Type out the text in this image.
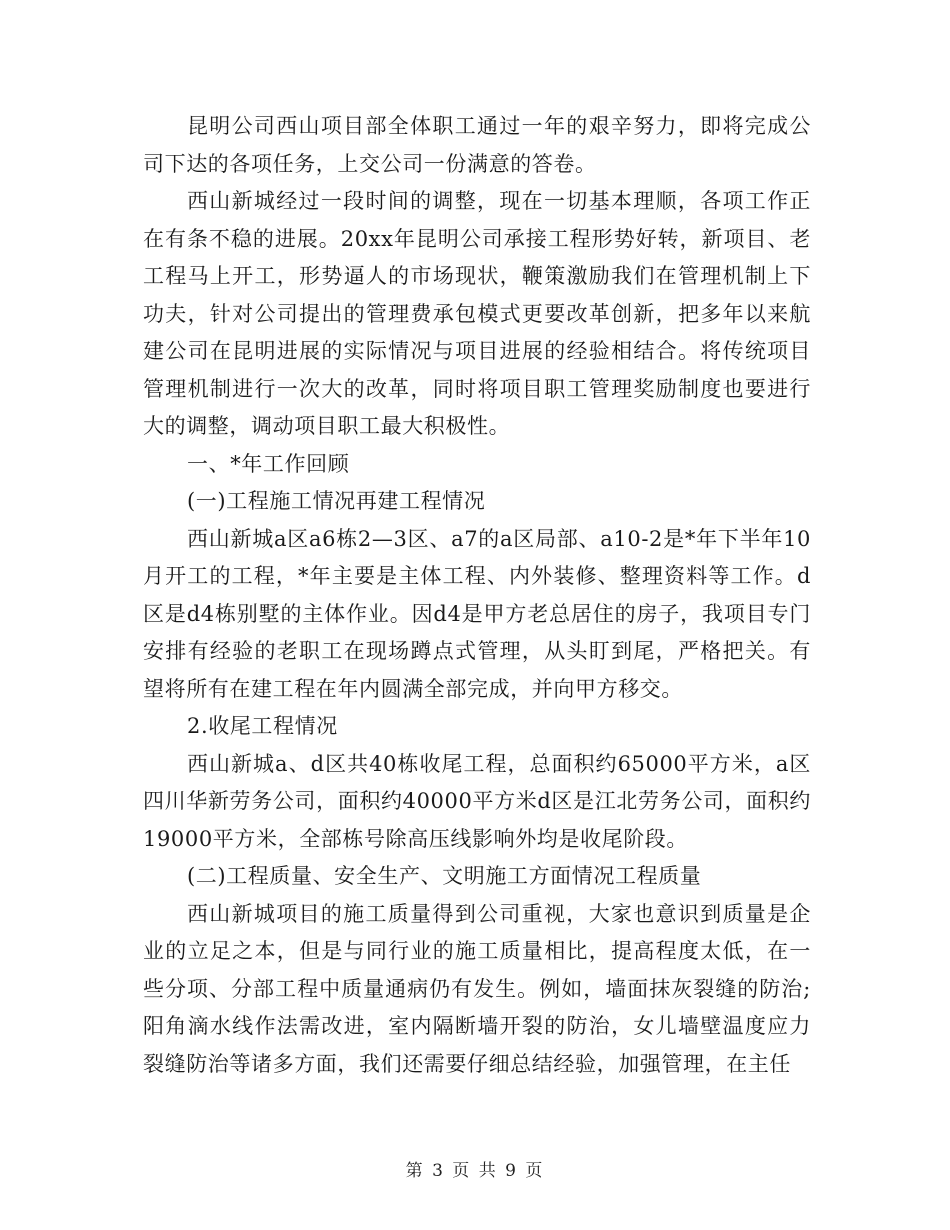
昆明公司西山项目部全体职工通过一年的艰辛努力，即将完成公司下达的各项任务，上交公司一份满意的答卷。

西山新城经过一段时间的调整，现在一切基本理顺，各项工作正在有条不稳的进展。20xx年昆明公司承接工程形势好转，新项目、老工程马上开工，形势逼人的市场现状，鞭策激励我们在管理机制上下功夫，针对公司提出的管理费承包模式更要改革创新，把多年以来航建公司在昆明进展的实际情况与项目进展的经验相结合。将传统项目管理机制进行一次大的改革，同时将项目职工管理奖励制度也要进行大的调整，调动项目职工最大积极性。

一、*年工作回顾

(一)工程施工情况再建工程情况

西山新城a区a6栋2—3区、a7的a区局部、a10-2是*年下半年10月开工的工程，*年主要是主体工程、内外装修、整理资料等工作。d区是d4栋别墅的主体作业。因d4是甲方老总居住的房子，我项目专门安排有经验的老职工在现场蹲点式管理，从头盯到尾，严格把关。有望将所有在建工程在年内圆满全部完成，并向甲方移交。

2.收尾工程情况

西山新城a、d区共40栋收尾工程，总面积约65000平方米，a区四川华新劳务公司，面积约40000平方米d区是江北劳务公司，面积约19000平方米，全部栋号除高压线影响外均是收尾阶段。

(二)工程质量、安全生产、文明施工方面情况工程质量

西山新城项目的施工质量得到公司重视，大家也意识到质量是企业的立足之本，但是与同行业的施工质量相比，提高程度太低，在一些分项、分部工程中质量通病仍有发生。例如，墙面抹灰裂缝的防治;阳角滴水线作法需改进，室内隔断墙开裂的防治，女儿墙壁温度应力裂缝防治等诸多方面，我们还需要仔细总结经验，加强管理，在主任

第 3 页 共 9 页
